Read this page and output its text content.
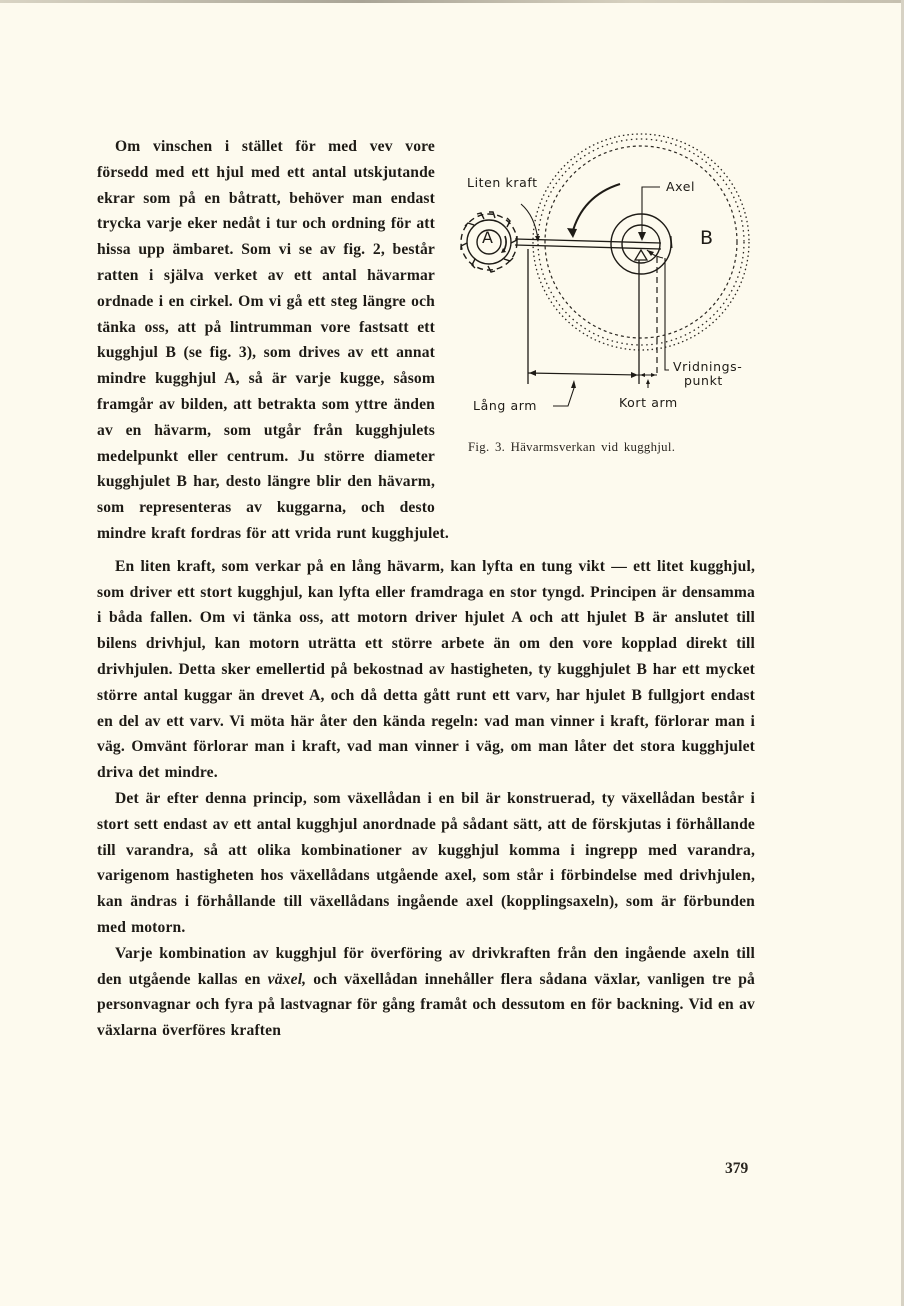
Liten kraft	Axel
A	B
Vridnings-
punkt
Lång arm	Kort arm
Fig. 3. Hävarmsverkan vid kugghjul.

Om vinschen i stället för med vev vore försedd med ett hjul med ett antal utskjutande ekrar som på en båtratt, behöver man endast trycka varje eker nedåt i tur och ordning för att hissa upp ämbaret. Som vi se av fig. 2, består ratten i själva verket av ett antal hävarmar ordnade i en cirkel. Om vi gå ett steg längre och tänka oss, att på lintrumman vore fastsatt ett kugghjul B (se fig. 3), som drives av ett annat mindre kugghjul A, så är varje kugge, såsom framgår av bilden, att betrakta som yttre änden av en hävarm, som utgår från kugghjulets medelpunkt eller centrum. Ju större diameter kugghjulet B har, desto längre blir den hävarm, som representeras av kuggarna, och desto mindre kraft fordras för att vrida runt kugghjulet.

En liten kraft, som verkar på en lång hävarm, kan lyfta en tung vikt — ett litet kugghjul, som driver ett stort kugghjul, kan lyfta eller framdraga en stor tyngd. Principen är densamma i båda fallen. Om vi tänka oss, att motorn driver hjulet A och att hjulet B är anslutet till bilens drivhjul, kan motorn uträtta ett större arbete än om den vore kopplad direkt till drivhjulen. Detta sker emellertid på bekostnad av hastigheten, ty kugghjulet B har ett mycket större antal kuggar än drevet A, och då detta gått runt ett varv, har hjulet B fullgjort endast en del av ett varv. Vi möta här åter den kända regeln: vad man vinner i kraft, förlorar man i väg. Omvänt förlorar man i kraft, vad man vinner i väg, om man låter det stora kugghjulet driva det mindre.

Det är efter denna princip, som växellådan i en bil är konstruerad, ty växellådan består i stort sett endast av ett antal kugghjul anordnade på sådant sätt, att de förskjutas i förhållande till varandra, så att olika kombinationer av kugghjul komma i ingrepp med varandra, varigenom hastigheten hos växellådans utgående axel, som står i förbindelse med drivhjulen, kan ändras i förhållande till växellådans ingående axel (kopplingsaxeln), som är förbunden med motorn.

Varje kombination av kugghjul för överföring av drivkraften från den ingående axeln till den utgående kallas en växel, och växellådan innehåller flera sådana växlar, vanligen tre på personvagnar och fyra på lastvagnar för gång framåt och dessutom en för backning. Vid en av växlarna överföres kraften

379
